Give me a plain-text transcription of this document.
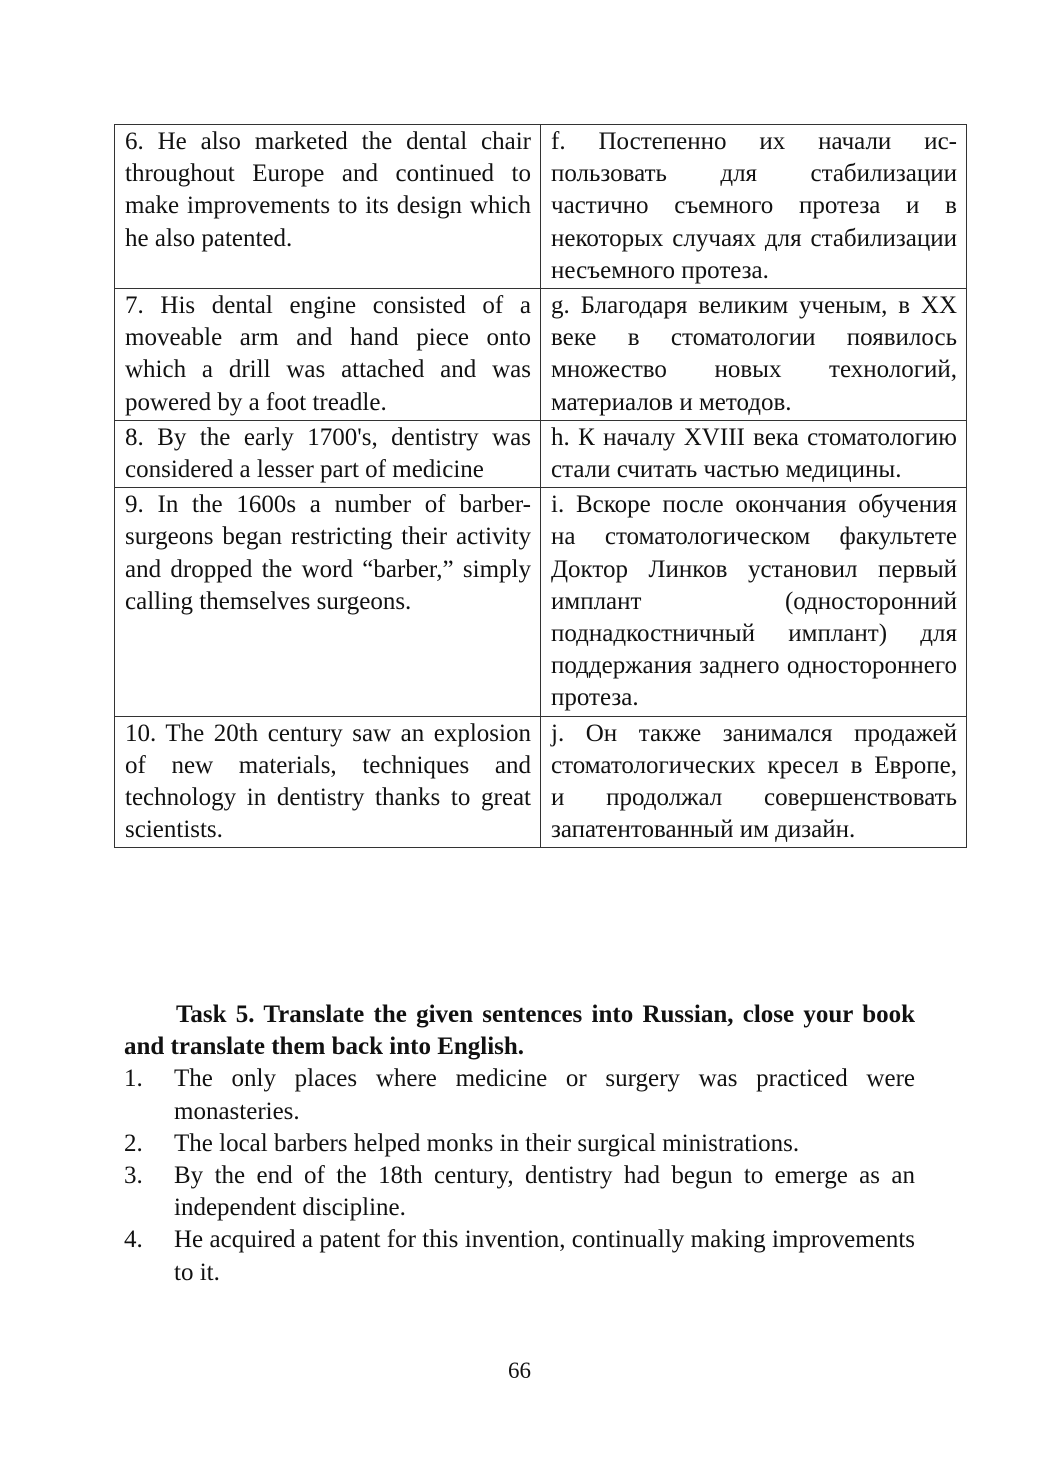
6. He also marketed the dental chair throughout Europe and continued to make improvements to its design which he also patented.	f. Постепенно их начали использовать для стабилизации частично съемного протеза и в некоторых случаях для стабилизации несъемного протеза.
7. His dental engine consisted of a moveable arm and hand piece onto which a drill was attached and was powered by a foot treadle.	g. Благодаря великим ученым, в XX веке в стоматологии появилось множество новых технологий, материалов и методов.
8. By the early 1700's, dentistry was considered a lesser part of medicine	h. К началу XVIII века стоматологию стали считать частью медицины.
9. In the 1600s a number of barber-surgeons began restricting their activity and dropped the word “barber,” simply calling themselves surgeons.	i. Вскоре после окончания обучения на стоматологическом факультете Доктор Линков установил первый имплант (односторонний поднадкостничный имплант) для поддержания заднего одностороннего протеза.
10. The 20th century saw an explosion of new materials, techniques and technology in dentistry thanks to great scientists.	j. Он также занимался продажей стоматологических кресел в Европе, и продолжал совершенствовать запатентованный им дизайн.

Task 5. Translate the given sentences into Russian, close your book and translate them back into English.

1. The only places where medicine or surgery was practiced were monasteries.
2. The local barbers helped monks in their surgical ministrations.
3. By the end of the 18th century, dentistry had begun to emerge as an independent discipline.
4. He acquired a patent for this invention, continually making improvements to it.
66
